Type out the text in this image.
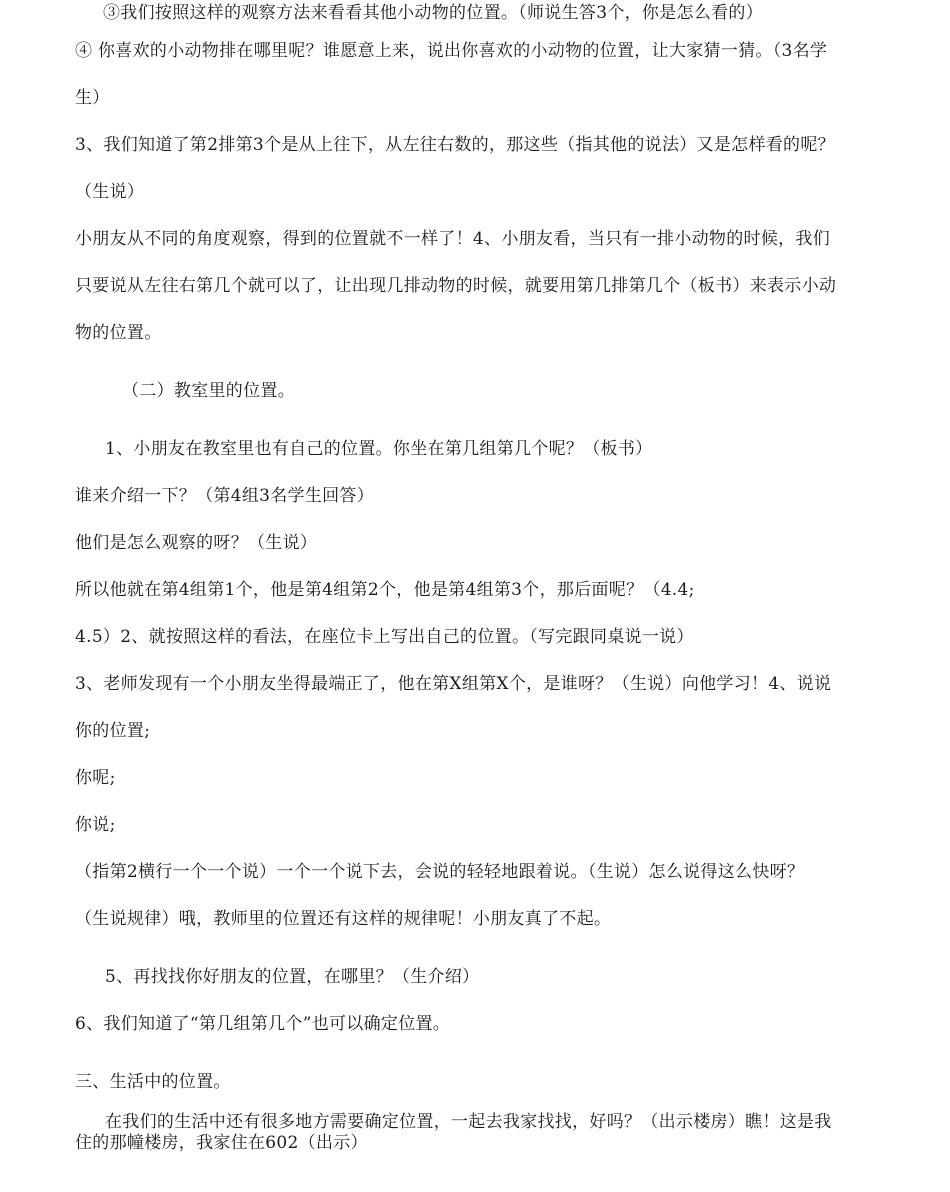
③我们按照这样的观察方法来看看其他小动物的位置。（师说生答3个，你是怎么看的）
④ 你喜欢的小动物排在哪里呢？谁愿意上来，说出你喜欢的小动物的位置，让大家猜一猜。（3名学
生）
3、我们知道了第2排第3个是从上往下，从左往右数的，那这些（指其他的说法）又是怎样看的呢？
（生说）
小朋友从不同的角度观察，得到的位置就不一样了！4、小朋友看，当只有一排小动物的时候，我们
只要说从左往右第几个就可以了，让出现几排动物的时候，就要用第几排第几个（板书）来表示小动
物的位置。
（二）教室里的位置。
1、小朋友在教室里也有自己的位置。你坐在第几组第几个呢？（板书）
谁来介绍一下？（第4组3名学生回答）
他们是怎么观察的呀？（生说）
所以他就在第4组第1个，他是第4组第2个，他是第4组第3个，那后面呢？（4.4;
4.5）2、就按照这样的看法，在座位卡上写出自己的位置。（写完跟同桌说一说）
3、老师发现有一个小朋友坐得最端正了，他在第X组第X个，是谁呀？（生说）向他学习！4、说说
你的位置;
你呢;
你说;
（指第2横行一个一个说）一个一个说下去，会说的轻轻地跟着说。（生说）怎么说得这么快呀？
（生说规律）哦，教师里的位置还有这样的规律呢！小朋友真了不起。
5、再找找你好朋友的位置，在哪里？（生介绍）
6、我们知道了“第几组第几个”也可以确定位置。
三、生活中的位置。
在我们的生活中还有很多地方需要确定位置，一起去我家找找，好吗？（出示楼房）瞧！这是我
住的那幢楼房，我家住在602（出示）
